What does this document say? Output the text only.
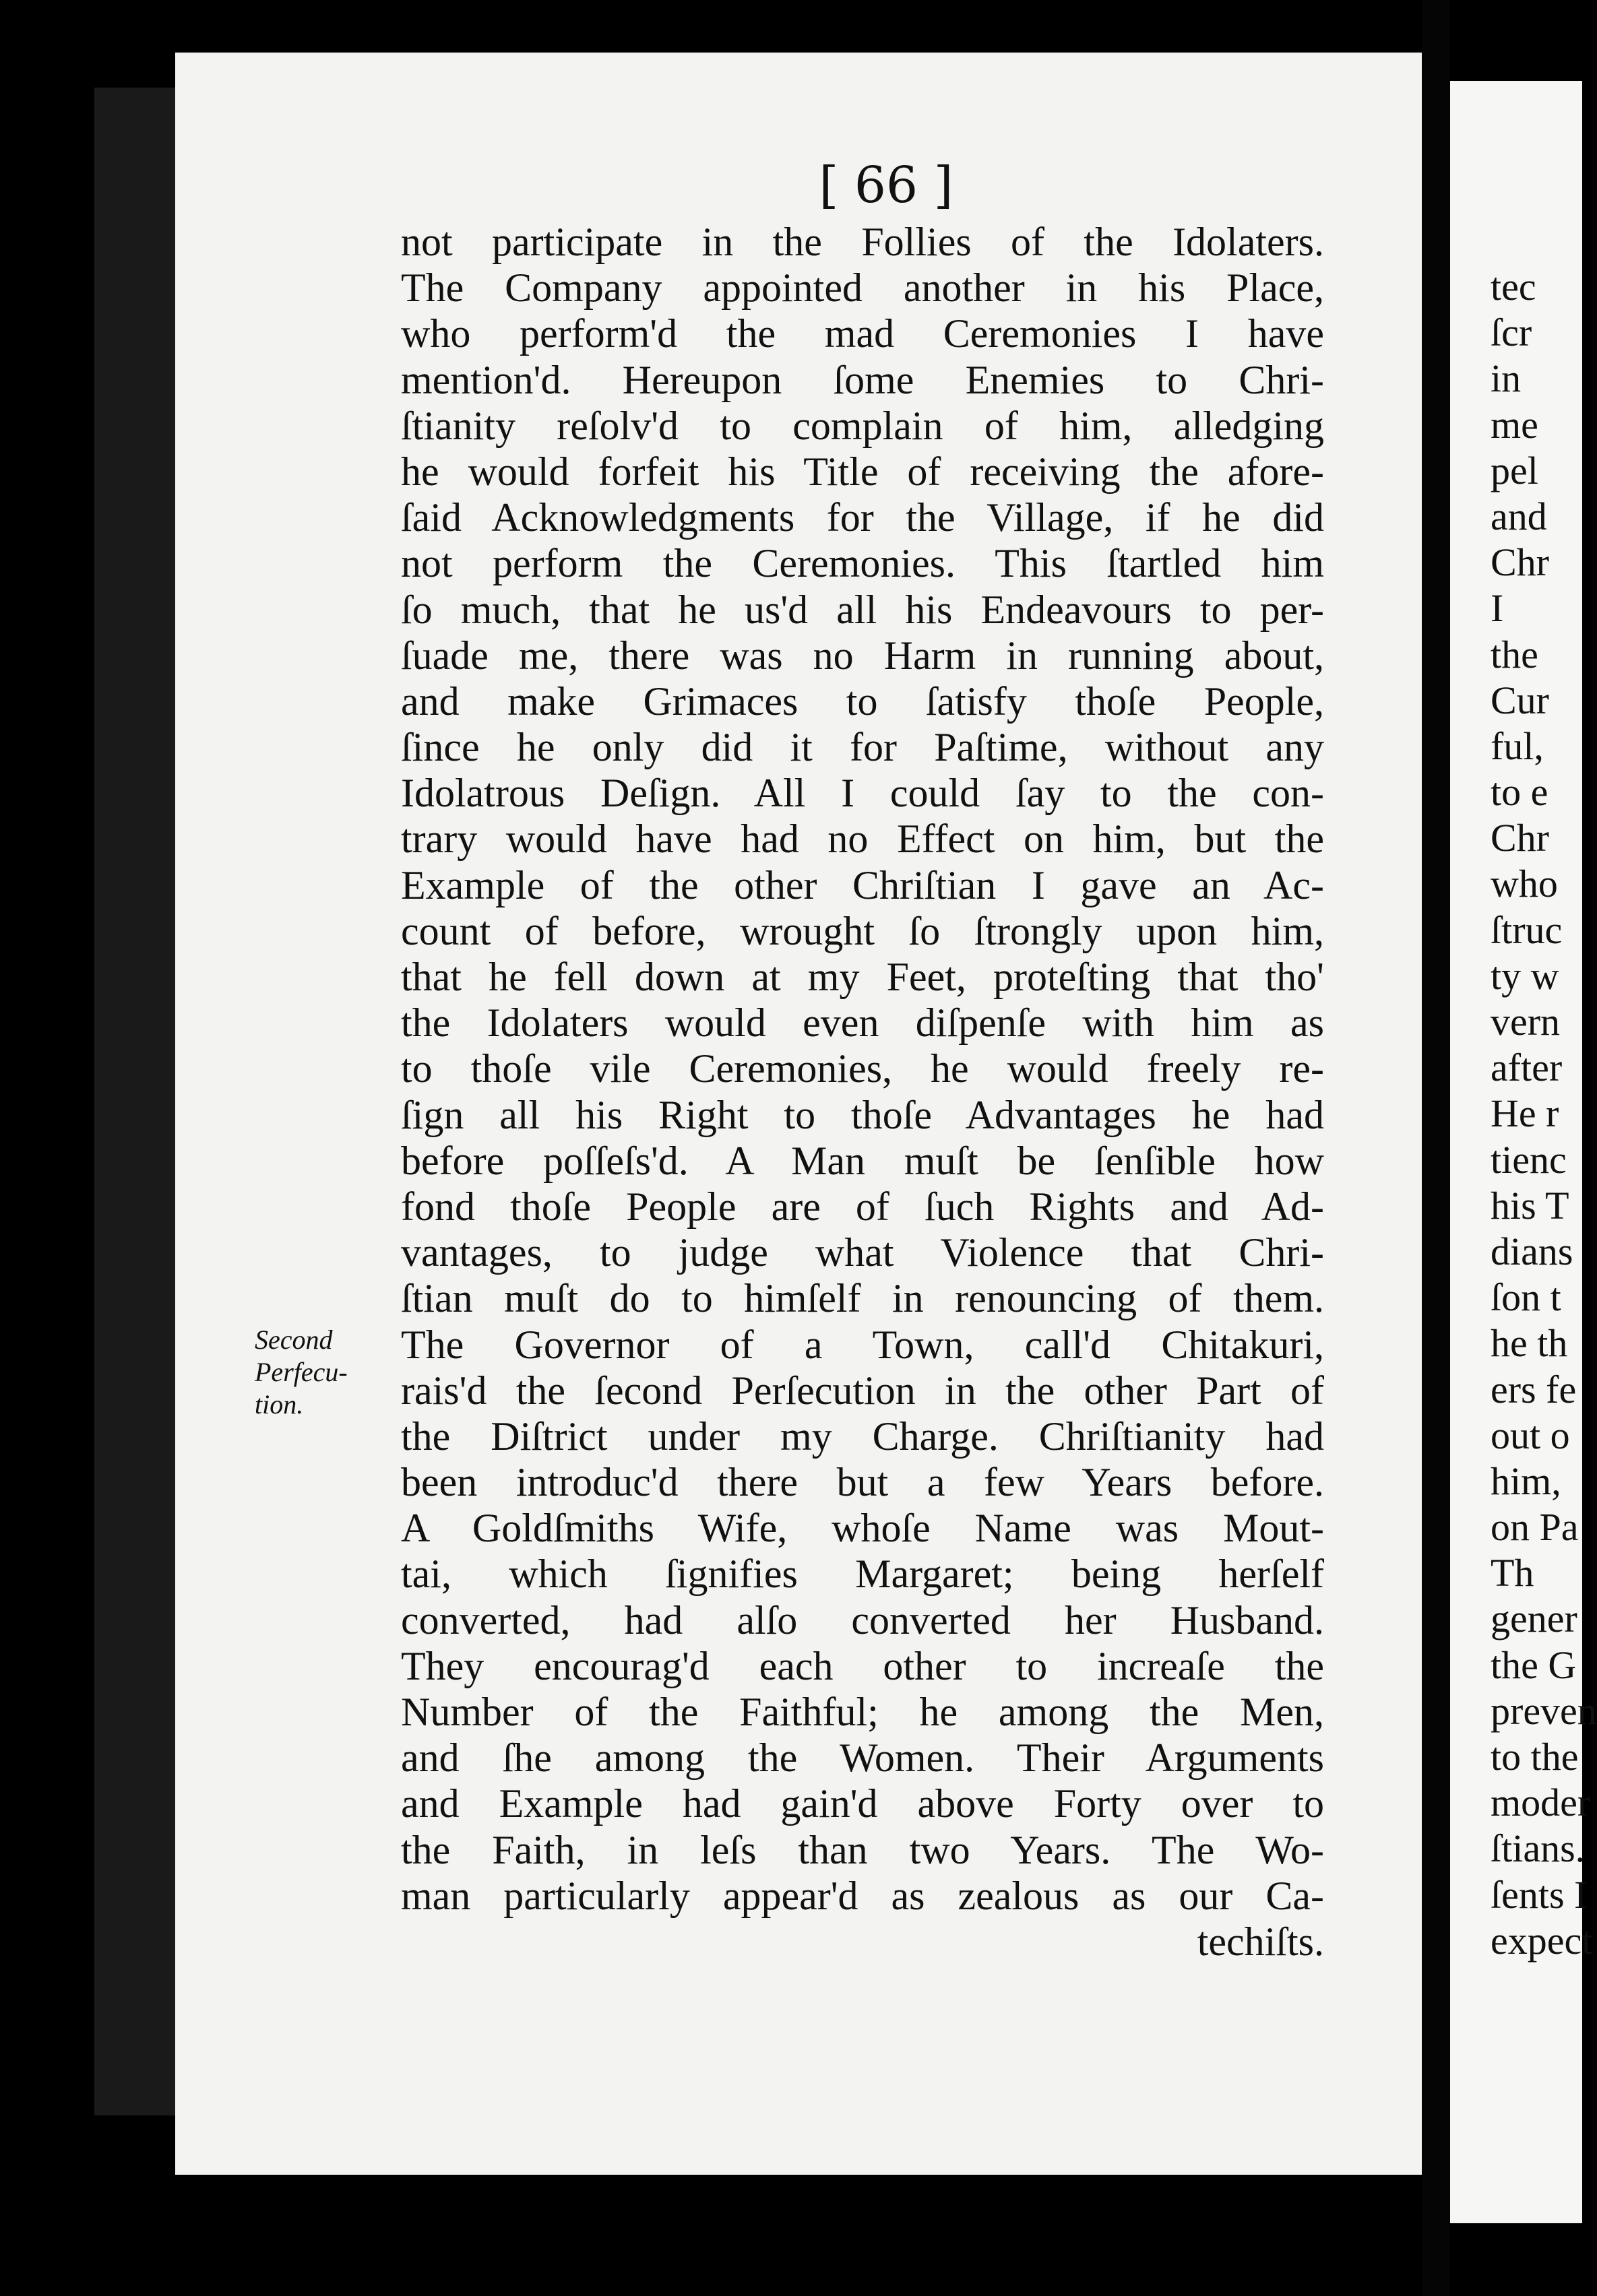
[ 66 ]
Second
Perfecu-
tion.
not participate in the Follies of the Idolaters.
The Company appointed another in his Place,
who perform'd the mad Ceremonies I have
mention'd. Hereupon ſome Enemies to Chri-
ſtianity reſolv'd to complain of him, alledging
he would forfeit his Title of receiving the afore-
ſaid Acknowledgments for the Village, if he did
not perform the Ceremonies. This ſtartled him
ſo much, that he us'd all his Endeavours to per-
ſuade me, there was no Harm in running about,
and make Grimaces to ſatisfy thoſe People,
ſince he only did it for Paſtime, without any
Idolatrous Deſign. All I could ſay to the con-
trary would have had no Effect on him, but the
Example of the other Chriſtian I gave an Ac-
count of before, wrought ſo ſtrongly upon him,
that he fell down at my Feet, proteſting that tho'
the Idolaters would even diſpenſe with him as
to thoſe vile Ceremonies, he would freely re-
ſign all his Right to thoſe Advantages he had
before poſſeſs'd. A Man muſt be ſenſible how
fond thoſe People are of ſuch Rights and Ad-
vantages, to judge what Violence that Chri-
ſtian muſt do to himſelf in renouncing of them.
The Governor of a Town, call'd Chitakuri,
rais'd the ſecond Perſecution in the other Part of
the Diſtrict under my Charge. Chriſtianity had
been introduc'd there but a few Years before.
A Goldſmiths Wife, whoſe Name was Mout-
tai, which ſignifies Margaret; being herſelf
converted, had alſo converted her Husband.
They encourag'd each other to increaſe the
Number of the Faithful; he among the Men,
and ſhe among the Women. Their Arguments
and Example had gain'd above Forty over to
the Faith, in leſs than two Years. The Wo-
man particularly appear'd as zealous as our Ca-
techiſts.
tec
ſcr
in
me
pel
and
Chr
I
the
Cur
ful,
to e
Chr
who
ſtruc
ty w
vern
after
He r
tienc
his T
dians
ſon t
he th
ers fe
out o
him,
on Pa
Th
gener
the G
preven
to the
moder
ſtians.
ſents I
expect
